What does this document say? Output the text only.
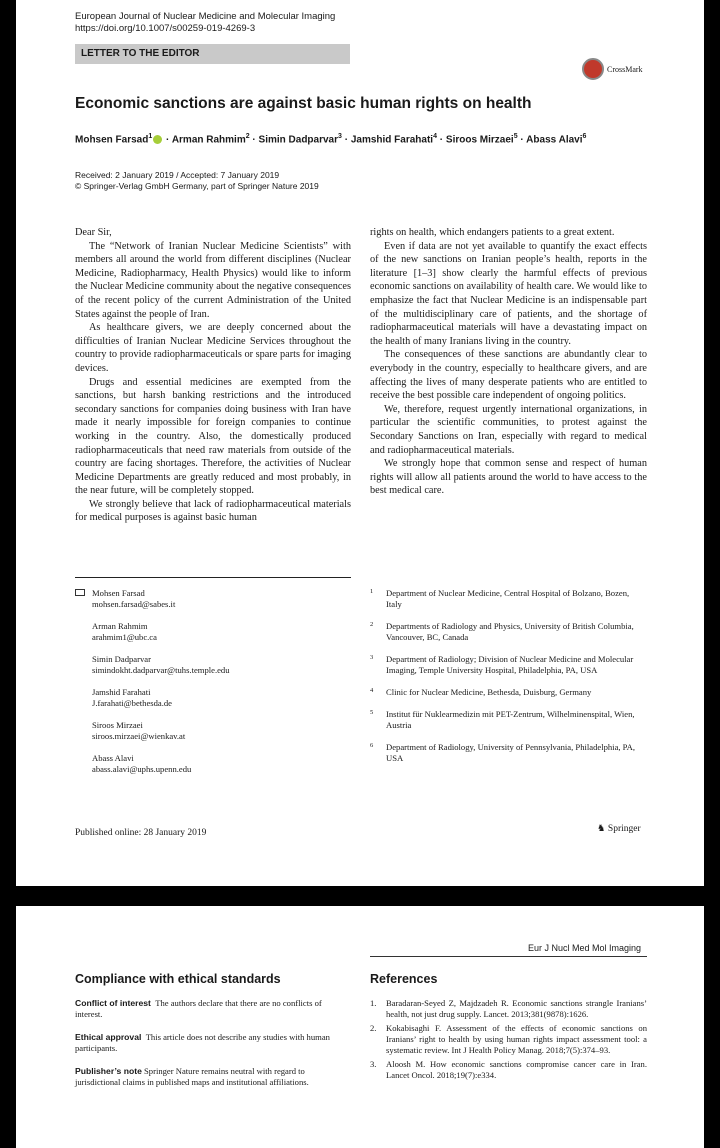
European Journal of Nuclear Medicine and Molecular Imaging
https://doi.org/10.1007/s00259-019-4269-3
LETTER TO THE EDITOR
CrossMark
Economic sanctions are against basic human rights on health
Mohsen Farsad$^1$ · Arman Rahmim$^2$ · Simin Dadparvar$^3$ · Jamshid Farahati$^4$ · Siroos Mirzaei$^5$ · Abass Alavi$^6$
Received: 2 January 2019 / Accepted: 7 January 2019
© Springer-Verlag GmbH Germany, part of Springer Nature 2019

Dear Sir,

The “Network of Iranian Nuclear Medicine Scientists” with members all around the world from different disciplines (Nuclear Medicine, Radiopharmacy, Health Physics) would like to inform the Nuclear Medicine community about the negative consequences of the recent policy of the current Administration of the United States against the people of Iran.

As healthcare givers, we are deeply concerned about the difficulties of Iranian Nuclear Medicine Services throughout the country to provide radiopharmaceuticals or spare parts for imaging devices.

Drugs and essential medicines are exempted from the sanctions, but harsh banking restrictions and the introduced secondary sanctions for companies doing business with Iran have made it nearly impossible for foreign companies to continue working in the country. Also, the domestically produced radiopharmaceuticals that need raw materials from outside of the country are facing shortages. Therefore, the activities of Nuclear Medicine Departments are greatly reduced and most probably, in the near future, will be completely stopped.

We strongly believe that lack of radiopharmaceutical materials for medical purposes is against basic human

rights on health, which endangers patients to a great extent.

Even if data are not yet available to quantify the exact effects of the new sanctions on Iranian people’s health, reports in the literature [1–3] show clearly the harmful effects of previous economic sanctions on availability of health care. We would like to emphasize the fact that Nuclear Medicine is an indispensable part of the multidisciplinary care of patients, and the shortage of radiopharmaceutical materials will have a devastating impact on the health of many Iranians living in the country.

The consequences of these sanctions are abundantly clear to everybody in the country, especially to healthcare givers, and are affecting the lives of many desperate patients who are entitled to receive the best possible care independent of ongoing politics.

We, therefore, request urgently international organizations, in particular the scientific communities, to protest against the Secondary Sanctions on Iran, especially with regard to medical and radiopharmaceutical materials.

We strongly hope that common sense and respect of human rights will allow all patients around the world to have access to the best medical care.

Mohsen Farsad
mohsen.farsad@sabes.it
Arman Rahmim
arahmim1@ubc.ca
Simin Dadparvar
simindokht.dadparvar@tuhs.temple.edu
Jamshid Farahati
J.farahati@bethesda.de
Siroos Mirzaei
siroos.mirzaei@wienkav.at
Abass Alavi
abass.alavi@uphs.upenn.edu
1 Department of Nuclear Medicine, Central Hospital of Bolzano, Bozen, Italy
2 Departments of Radiology and Physics, University of British Columbia, Vancouver, BC, Canada
3 Department of Radiology; Division of Nuclear Medicine and Molecular Imaging, Temple University Hospital, Philadelphia, PA, USA
4 Clinic for Nuclear Medicine, Bethesda, Duisburg, Germany
5 Institut für Nuklearmedizin mit PET-Zentrum, Wilhelminenspital, Wien, Austria
6 Department of Radiology, University of Pennsylvania, Philadelphia, PA, USA
Published online: 28 January 2019	♞ Springer
Eur J Nucl Med Mol Imaging
Compliance with ethical standards	References
Conflict of interest The authors declare that there are no conflicts of interest.
Ethical approval This article does not describe any studies with human participants.
Publisher’s note Springer Nature remains neutral with regard to jurisdictional claims in published maps and institutional affiliations.
1. Baradaran-Seyed Z, Majdzadeh R. Economic sanctions strangle Iranians’ health, not just drug supply. Lancet. 2013;381(9878):1626.
2. Kokabisaghi F. Assessment of the effects of economic sanctions on Iranians’ right to health by using human rights impact assessment tool: a systematic review. Int J Health Policy Manag. 2018;7(5):374–93.
3. Aloosh M. How economic sanctions compromise cancer care in Iran. Lancet Oncol. 2018;19(7):e334.
